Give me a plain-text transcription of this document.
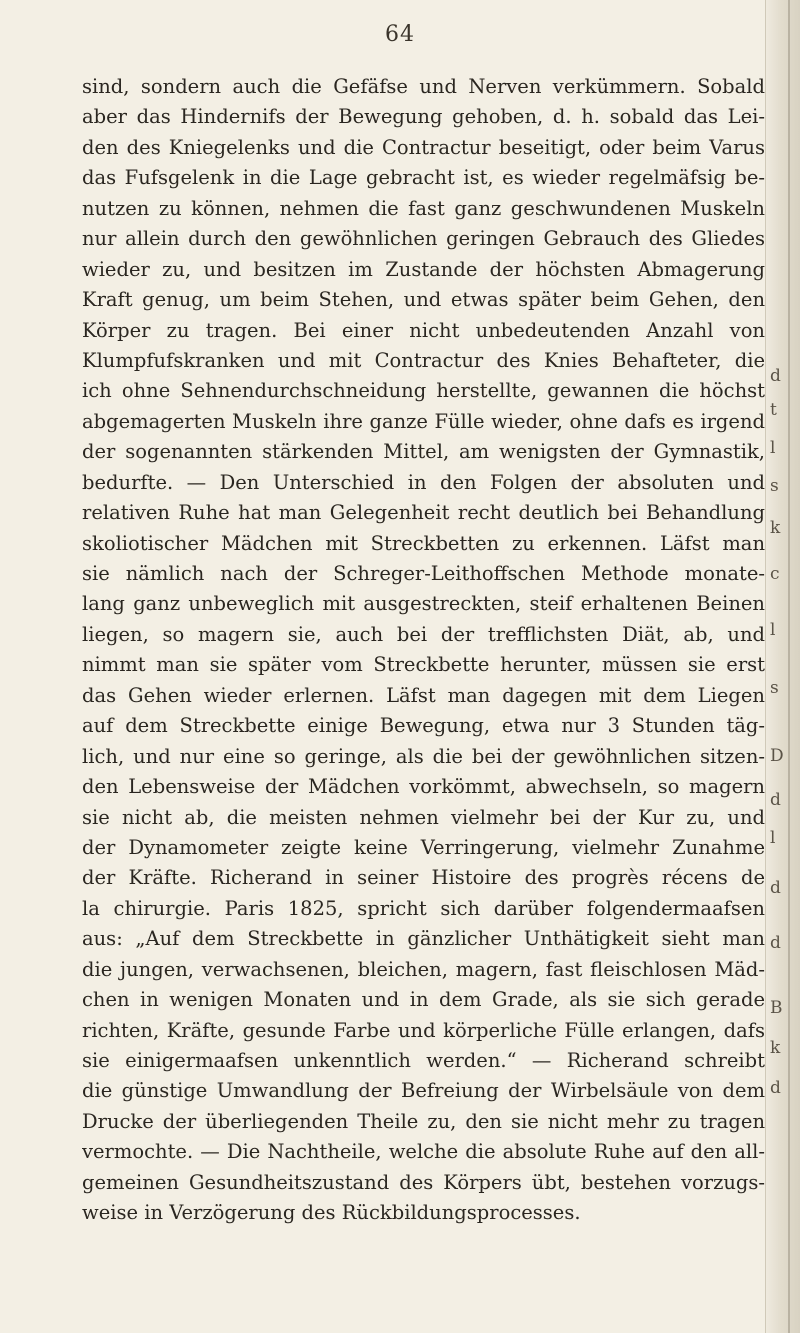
64
sind, sondern auch die Gefäfse und Nerven verkümmern. Sobald
aber das Hindernifs der Bewegung gehoben, d. h. sobald das Lei-
den des Kniegelenks und die Contractur beseitigt, oder beim Varus
das Fufsgelenk in die Lage gebracht ist, es wieder regelmäfsig be-
nutzen zu können, nehmen die fast ganz geschwundenen Muskeln
nur allein durch den gewöhnlichen geringen Gebrauch des Gliedes
wieder zu, und besitzen im Zustande der höchsten Abmagerung
Kraft genug, um beim Stehen, und etwas später beim Gehen, den
Körper zu tragen. Bei einer nicht unbedeutenden Anzahl von
Klumpfufskranken und mit Contractur des Knies Behafteter, die
ich ohne Sehnendurchschneidung herstellte, gewannen die höchst
abgemagerten Muskeln ihre ganze Fülle wieder, ohne dafs es irgend
der sogenannten stärkenden Mittel, am wenigsten der Gymnastik,
bedurfte. — Den Unterschied in den Folgen der absoluten und
relativen Ruhe hat man Gelegenheit recht deutlich bei Behandlung
skoliotischer Mädchen mit Streckbetten zu erkennen. Läfst man
sie nämlich nach der Schreger-Leithoffschen Methode monate-
lang ganz unbeweglich mit ausgestreckten, steif erhaltenen Beinen
liegen, so magern sie, auch bei der trefflichsten Diät, ab, und
nimmt man sie später vom Streckbette herunter, müssen sie erst
das Gehen wieder erlernen. Läfst man dagegen mit dem Liegen
auf dem Streckbette einige Bewegung, etwa nur 3 Stunden täg-
lich, und nur eine so geringe, als die bei der gewöhnlichen sitzen-
den Lebensweise der Mädchen vorkömmt, abwechseln, so magern
sie nicht ab, die meisten nehmen vielmehr bei der Kur zu, und
der Dynamometer zeigte keine Verringerung, vielmehr Zunahme
der Kräfte. Richerand in seiner Histoire des progrès récens de
la chirurgie. Paris 1825, spricht sich darüber folgendermaafsen
aus: „Auf dem Streckbette in gänzlicher Unthätigkeit sieht man
die jungen, verwachsenen, bleichen, magern, fast fleischlosen Mäd-
chen in wenigen Monaten und in dem Grade, als sie sich gerade
richten, Kräfte, gesunde Farbe und körperliche Fülle erlangen, dafs
sie einigermaafsen unkenntlich werden.“ — Richerand schreibt
die günstige Umwandlung der Befreiung der Wirbelsäule von dem
Drucke der überliegenden Theile zu, den sie nicht mehr zu tragen
vermochte. — Die Nachtheile, welche die absolute Ruhe auf den all-
gemeinen Gesundheitszustand des Körpers übt, bestehen vorzugs-
weise in Verzögerung des Rückbildungsprocesses.
d
t
l
s
k
c
l
s
D
d
l
d
d
B
k
d
